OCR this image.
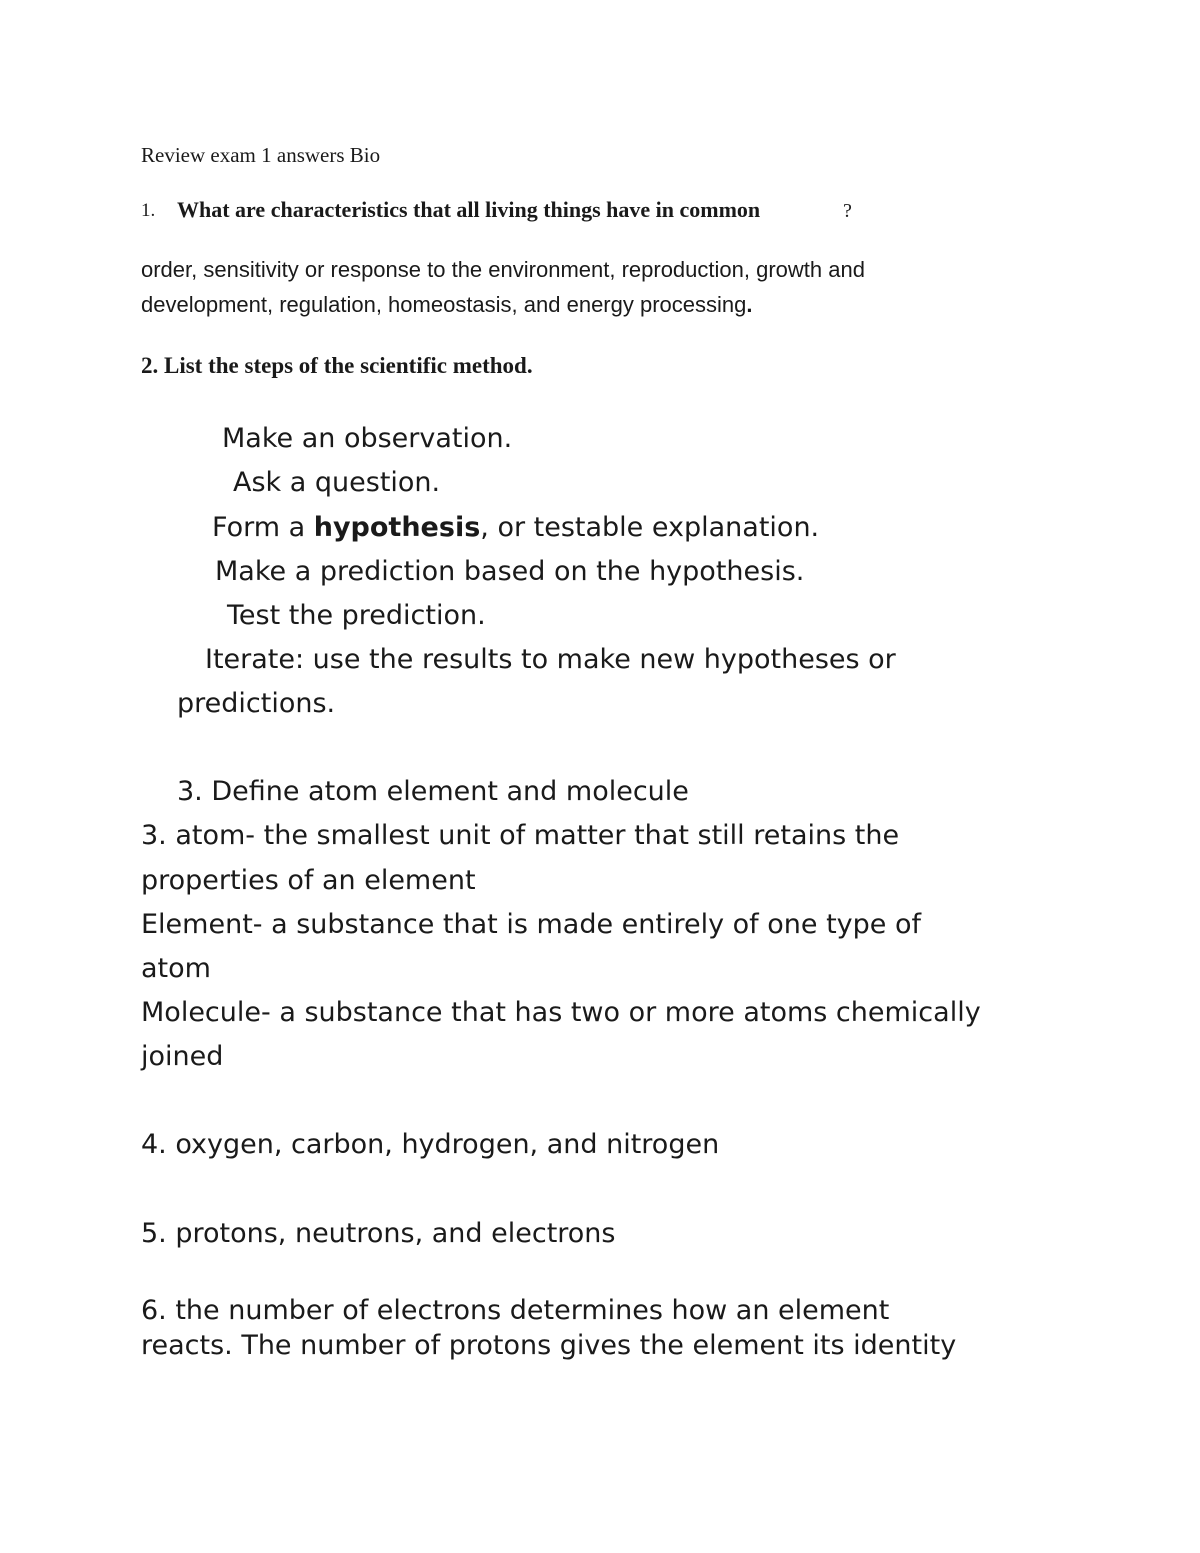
Review exam 1 answers Bio

1. What are characteristics that all living things have in common	?

order, sensitivity or response to the environment, reproduction, growth and

development, regulation, homeostasis, and energy processing.

2. List the steps of the scientific method.

Make an observation.

Ask a question.

Form a hypothesis, or testable explanation.

Make a prediction based on the hypothesis.

Test the prediction.

Iterate: use the results to make new hypotheses or

predictions.

3. Define atom element and molecule

3. atom- the smallest unit of matter that still retains the

properties of an element

Element- a substance that is made entirely of one type of

atom

Molecule- a substance that has two or more atoms chemically

joined

4. oxygen, carbon, hydrogen, and nitrogen

5. protons, neutrons, and electrons

6. the number of electrons determines how an element

reacts. The number of protons gives the element its identity
